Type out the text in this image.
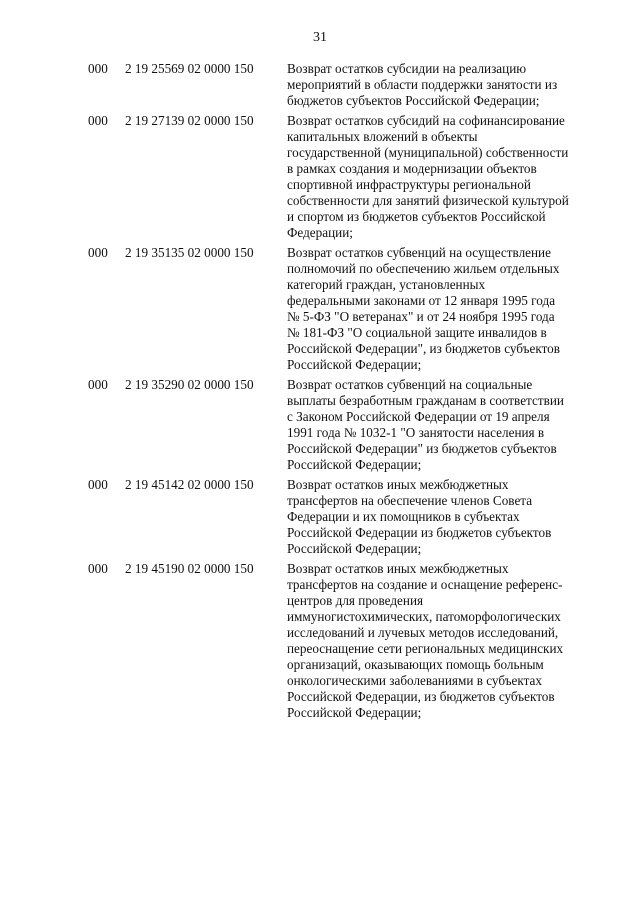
31
000 2 19 25569 02 0000 150	Возврат остатков субсидии на реализацию
мероприятий в области поддержки занятости из
бюджетов субъектов Российской Федерации;
000 2 19 27139 02 0000 150	Возврат остатков субсидий на софинансирование
капитальных вложений в объекты
государственной (муниципальной) собственности
в рамках создания и модернизации объектов
спортивной инфраструктуры региональной
собственности для занятий физической культурой
и спортом из бюджетов субъектов Российской
Федерации;
000 2 19 35135 02 0000 150	Возврат остатков субвенций на осуществление
полномочий по обеспечению жильем отдельных
категорий граждан, установленных
федеральными законами от 12 января 1995 года
№ 5-ФЗ "О ветеранах" и от 24 ноября 1995 года
№ 181-ФЗ "О социальной защите инвалидов в
Российской Федерации", из бюджетов субъектов
Российской Федерации;
000 2 19 35290 02 0000 150	Возврат остатков субвенций на социальные
выплаты безработным гражданам в соответствии
с Законом Российской Федерации от 19 апреля
1991 года № 1032-1 "О занятости населения в
Российской Федерации" из бюджетов субъектов
Российской Федерации;
000 2 19 45142 02 0000 150	Возврат остатков иных межбюджетных
трансфертов на обеспечение членов Совета
Федерации и их помощников в субъектах
Российской Федерации из бюджетов субъектов
Российской Федерации;
000 2 19 45190 02 0000 150	Возврат остатков иных межбюджетных
трансфертов на создание и оснащение референс-
центров для проведения
иммуногистохимических, патоморфологических
исследований и лучевых методов исследований,
переоснащение сети региональных медицинских
организаций, оказывающих помощь больным
онкологическими заболеваниями в субъектах
Российской Федерации, из бюджетов субъектов
Российской Федерации;
